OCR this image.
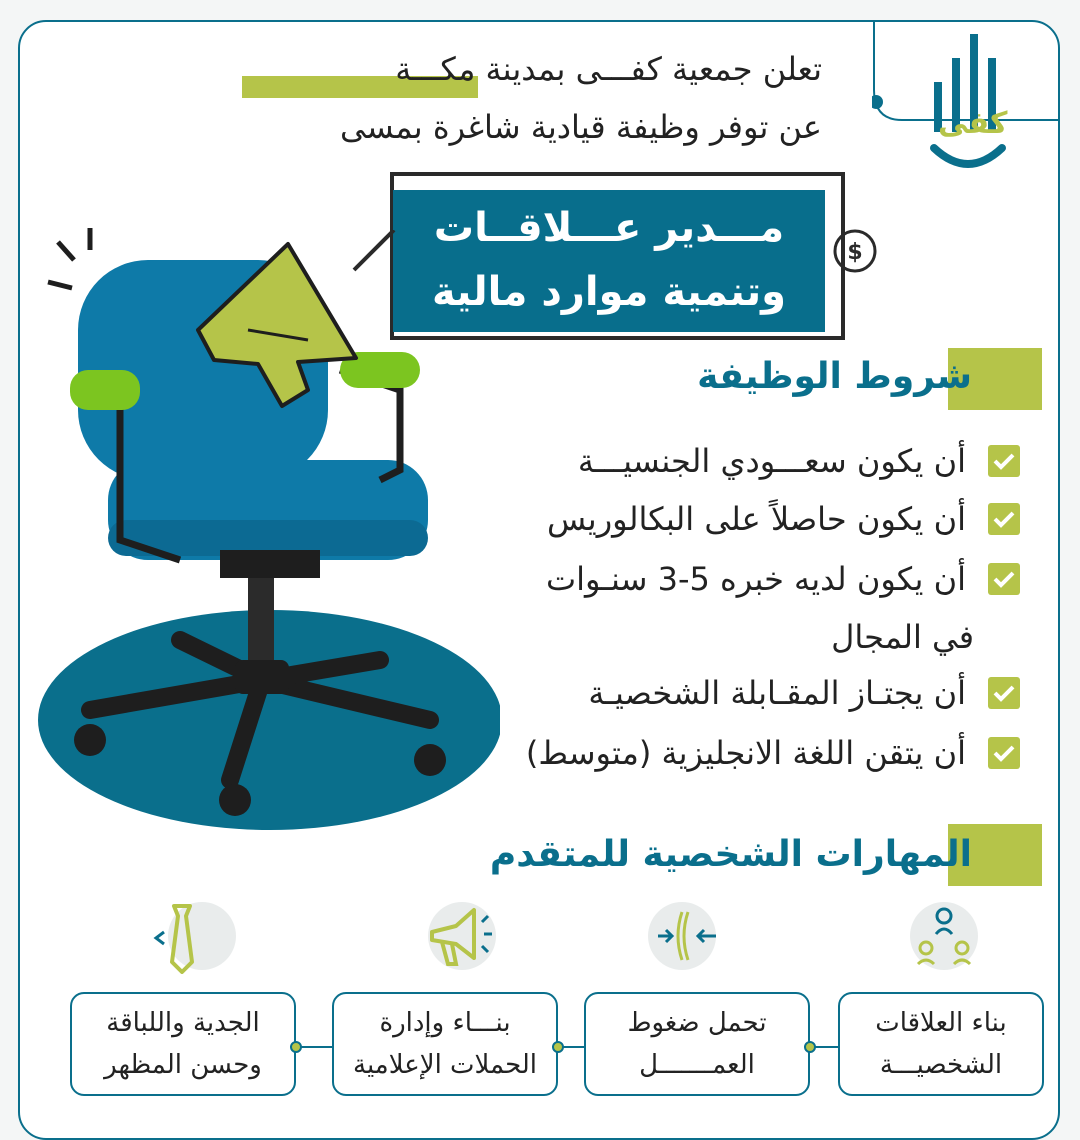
كفى
تعلن جمعية كفـــى بمدينة مكـــة
عن توفر وظيفة قيادية شاغرة بمسى
مـــدير عـــلاقــات
وتنمية موارد مالية
$
شروط الوظيفة
أن يكون سعـــودي الجنسيـــة
أن يكون حاصلاً على البكالوريس
أن يكون لديه خبره 5-3 سنـوات
في المجال
أن يجتـاز المقـابلة الشخصيـة
أن يتقن اللغة الانجليزية (متوسط)
المهارات الشخصية للمتقدم
بناء العلاقات
الشخصيـــة
تحمل ضغوط
العمـــــــل
بنـــاء وإدارة
الحملات الإعلامية
الجدية واللباقة
وحسن المظهر
